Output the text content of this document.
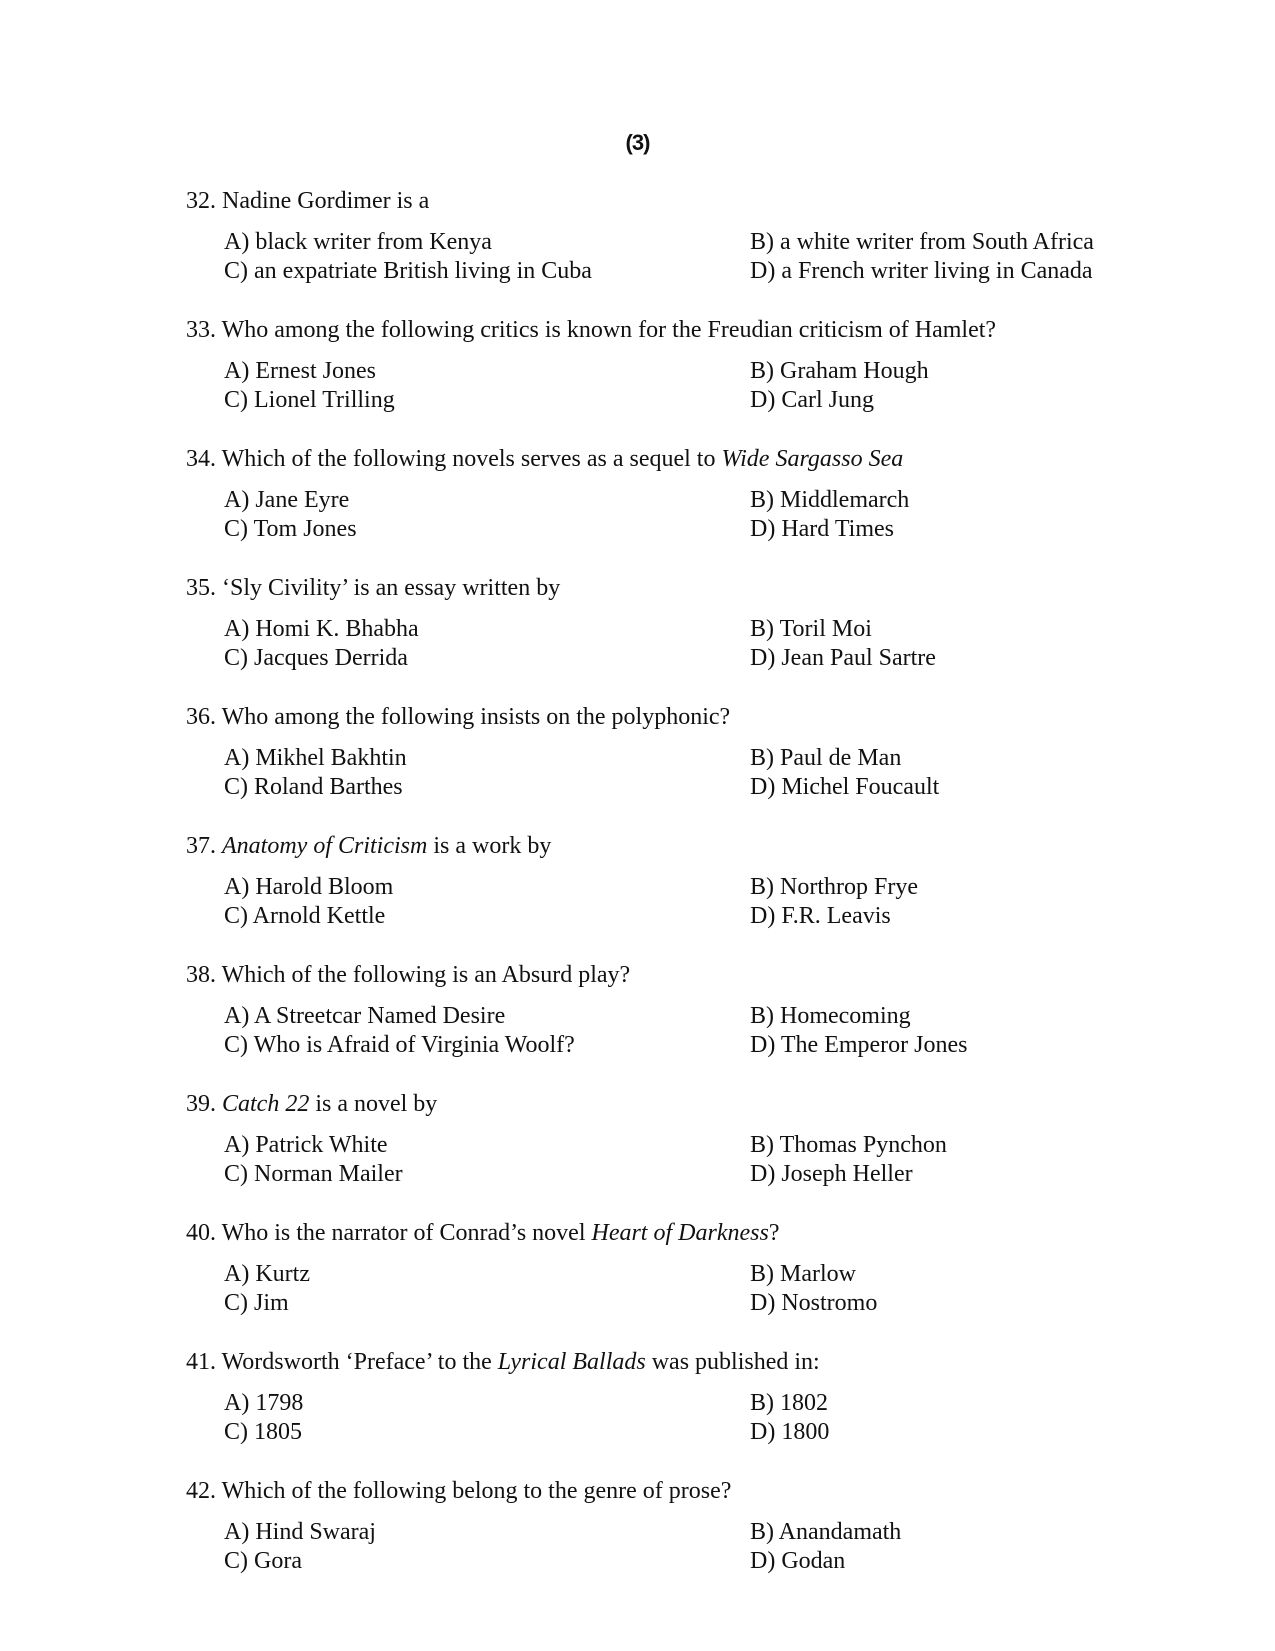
(3)
32. Nadine Gordimer is a
A) black writer from Kenya	B) a white writer from South Africa
C) an expatriate British living in Cuba	D) a French writer living in Canada
33. Who among the following critics is known for the Freudian criticism of Hamlet?
A) Ernest Jones	B) Graham Hough
C) Lionel Trilling	D) Carl Jung
34. Which of the following novels serves as a sequel to Wide Sargasso Sea
A) Jane Eyre	B) Middlemarch
C) Tom Jones	D) Hard Times
35. ‘Sly Civility’ is an essay written by
A) Homi K. Bhabha	B) Toril Moi
C) Jacques Derrida	D) Jean Paul Sartre
36. Who among the following insists on the polyphonic?
A) Mikhel Bakhtin	B) Paul de Man
C) Roland Barthes	D) Michel Foucault
37. Anatomy of Criticism is a work by
A) Harold Bloom	B) Northrop Frye
C) Arnold Kettle	D) F.R. Leavis
38. Which of the following is an Absurd play?
A) A Streetcar Named Desire	B) Homecoming
C) Who is Afraid of Virginia Woolf?	D) The Emperor Jones
39. Catch 22 is a novel by
A) Patrick White	B) Thomas Pynchon
C) Norman Mailer	D) Joseph Heller
40. Who is the narrator of Conrad’s novel Heart of Darkness?
A) Kurtz	B) Marlow
C) Jim	D) Nostromo
41. Wordsworth ‘Preface’ to the Lyrical Ballads was published in:
A) 1798	B) 1802
C) 1805	D) 1800
42. Which of the following belong to the genre of prose?
A) Hind Swaraj	B) Anandamath
C) Gora	D) Godan
